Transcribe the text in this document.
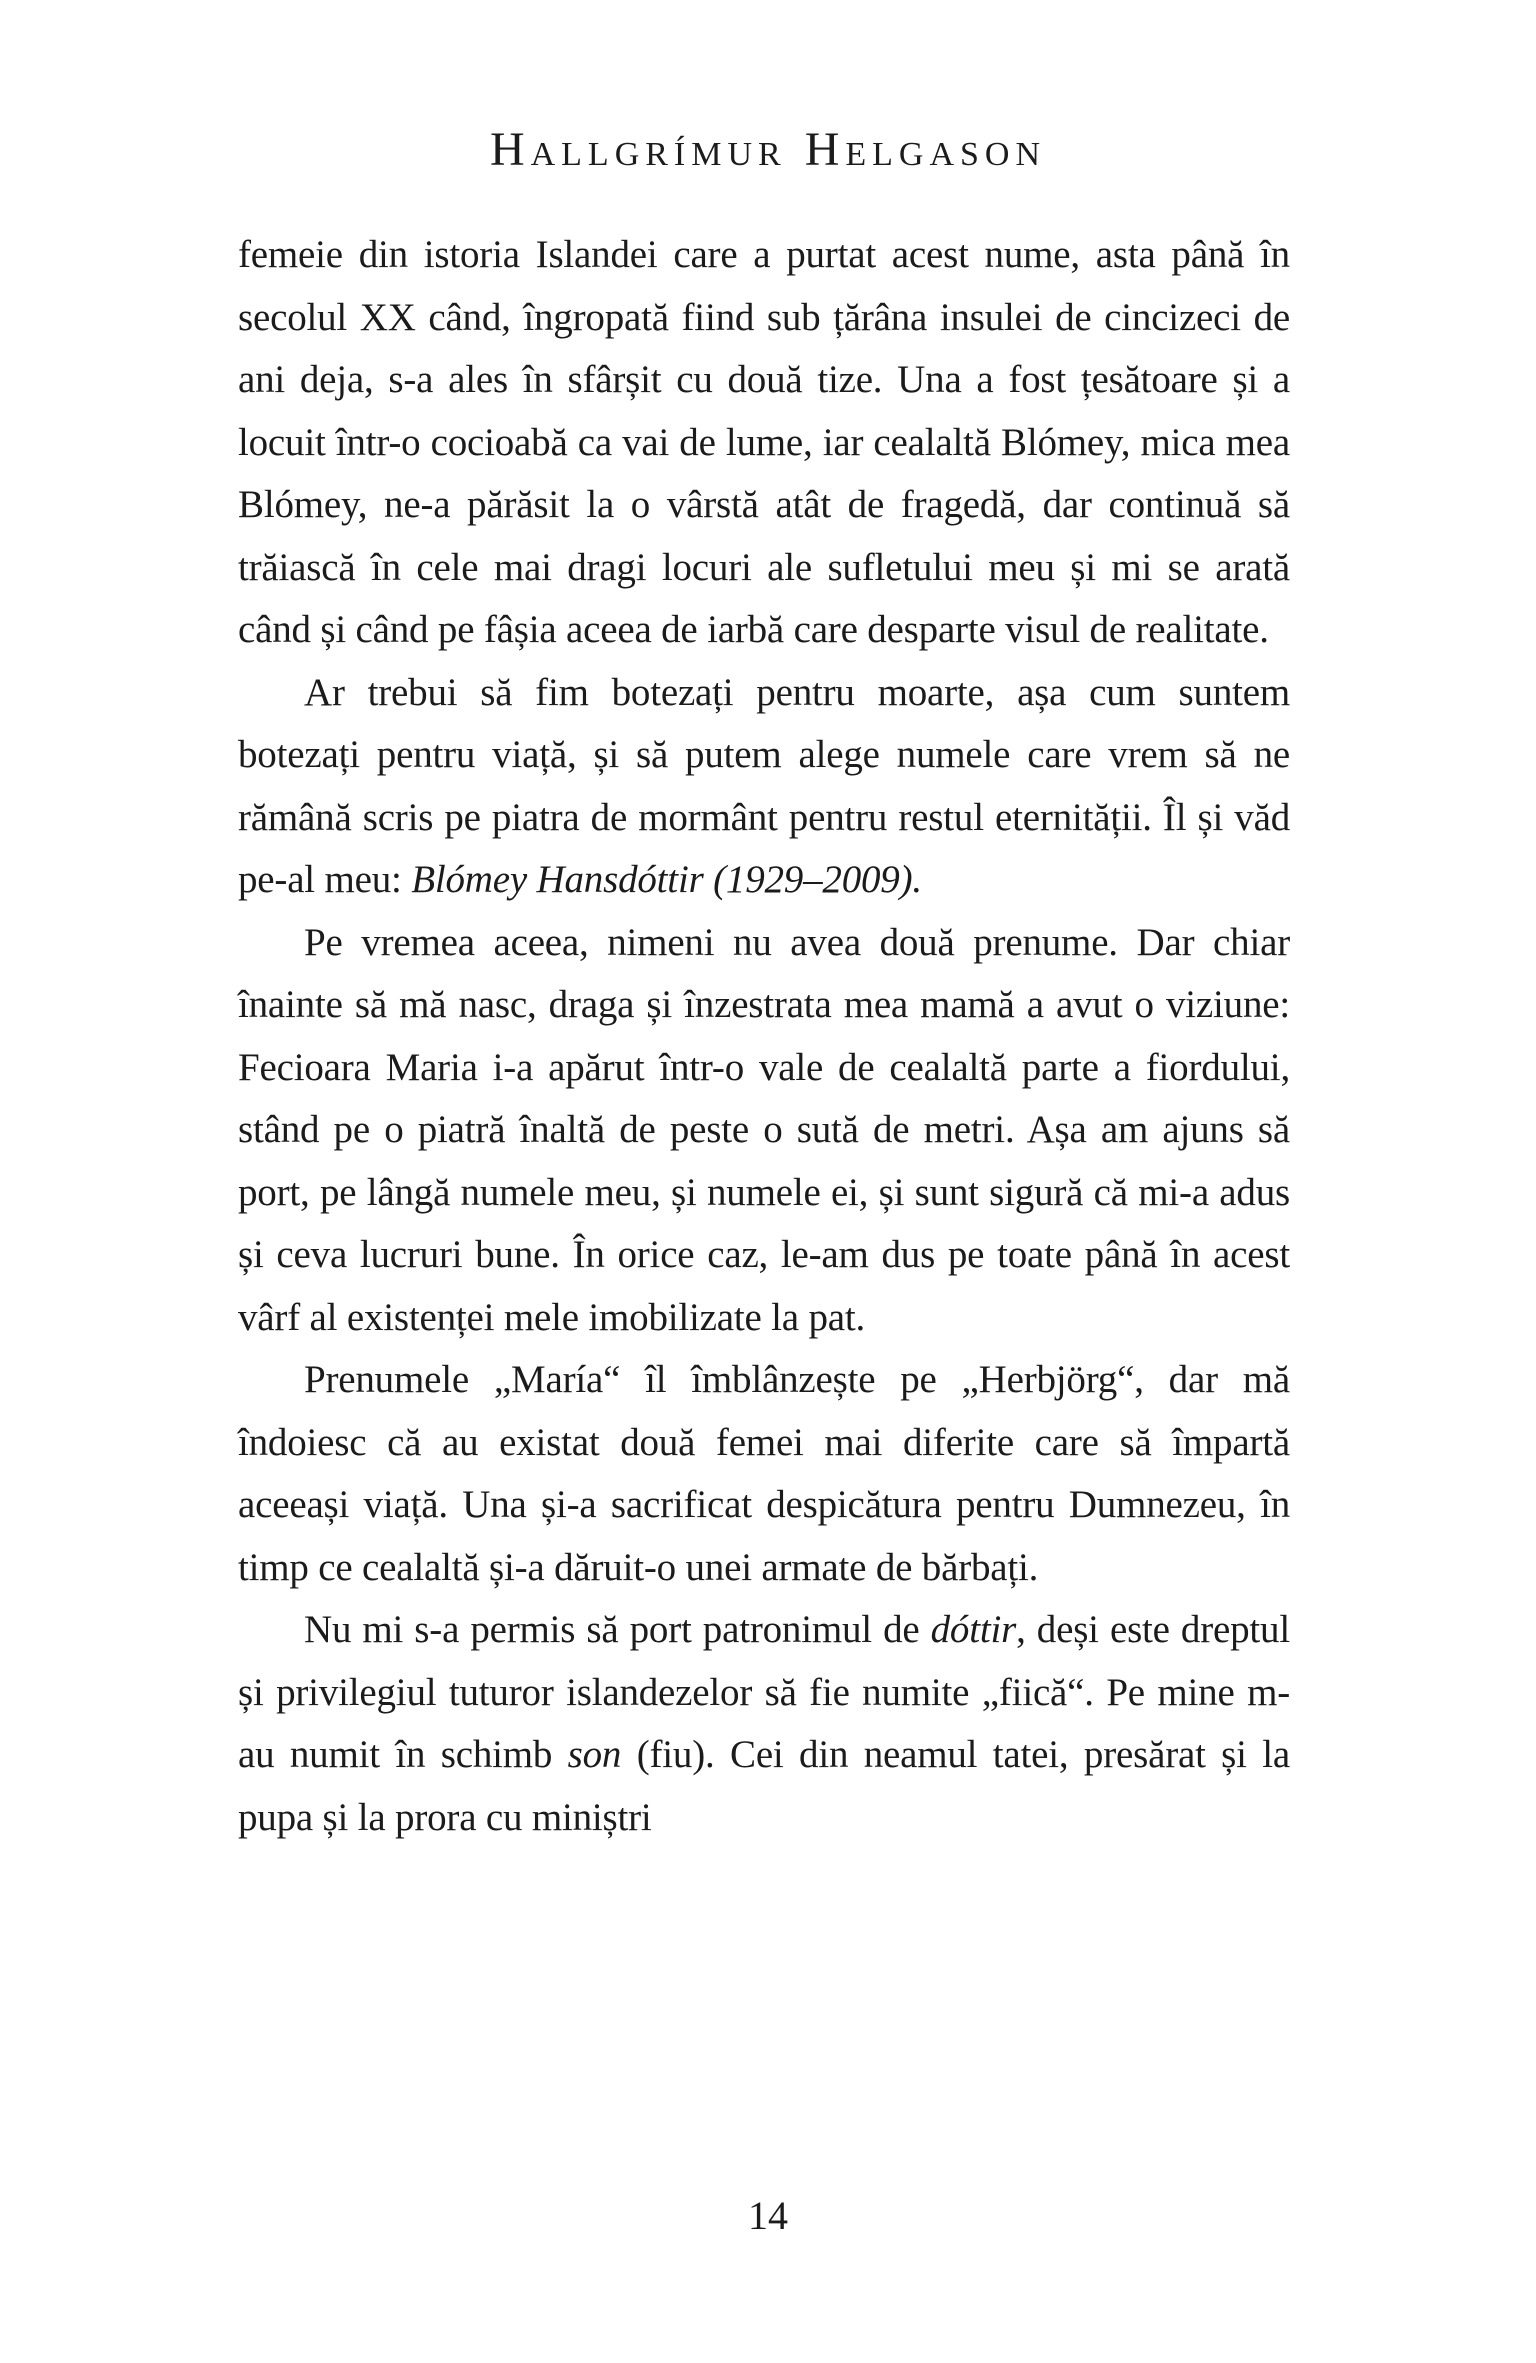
Hallgrímur Helgason

femeie din istoria Islandei care a purtat acest nume, asta până în secolul XX când, îngropată fiind sub țărâna insulei de cincizeci de ani deja, s-a ales în sfârșit cu două tize. Una a fost țesătoare și a locuit într-o cocioabă ca vai de lume, iar cealaltă Blómey, mica mea Blómey, ne-a părăsit la o vârstă atât de fragedă, dar continuă să trăiască în cele mai dragi locuri ale sufletului meu și mi se arată când și când pe fâșia aceea de iarbă care desparte visul de realitate.

Ar trebui să fim botezați pentru moarte, așa cum suntem botezați pentru viață, și să putem alege numele care vrem să ne rămână scris pe piatra de mormânt pentru restul eternității. Îl și văd pe-al meu: Blómey Hansdóttir (1929–2009).

Pe vremea aceea, nimeni nu avea două prenume. Dar chiar înainte să mă nasc, draga și înzestrata mea mamă a avut o viziune: Fecioara Maria i-a apărut într-o vale de cealaltă parte a fiordului, stând pe o piatră înaltă de peste o sută de metri. Așa am ajuns să port, pe lângă numele meu, și numele ei, și sunt sigură că mi-a adus și ceva lucruri bune. În orice caz, le-am dus pe toate până în acest vârf al existenței mele imobilizate la pat.

Prenumele „María“ îl îmblânzește pe „Herbjörg“, dar mă îndoiesc că au existat două femei mai diferite care să împartă aceeași viață. Una și-a sacrificat despicătura pentru Dumnezeu, în timp ce cealaltă și-a dăruit-o unei armate de bărbați.

Nu mi s-a permis să port patronimul de dóttir, deși este dreptul și privilegiul tuturor islandezelor să fie numite „fiică“. Pe mine m-au numit în schimb son (fiu). Cei din neamul tatei, presărat și la pupa și la prora cu miniștri

14
